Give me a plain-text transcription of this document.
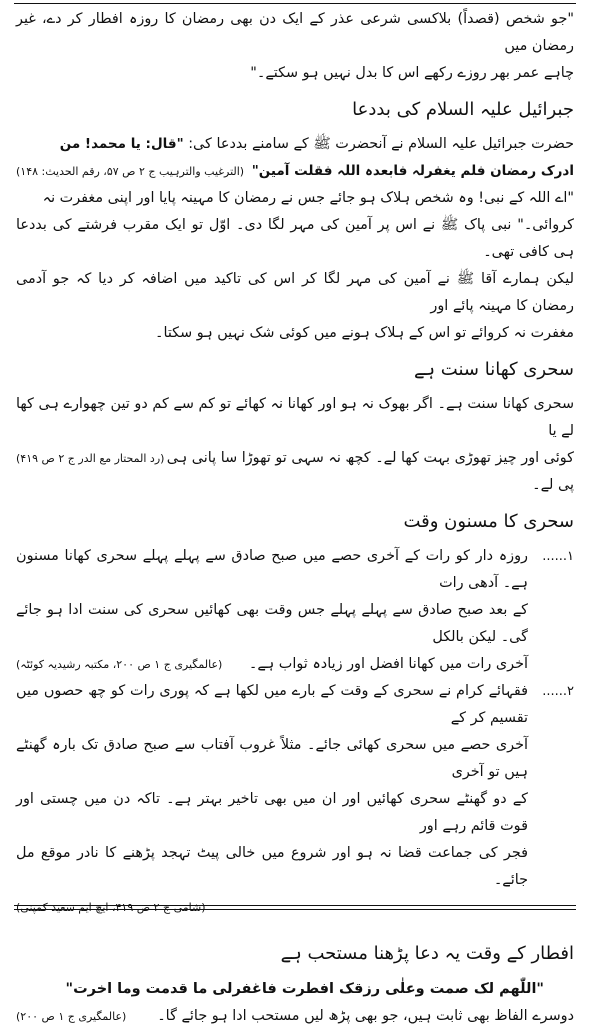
"جو شخص (قصداً) بلاکسی شرعی عذر کے ایک دن بھی رمضان کا روزہ افطار کر دے، غیر رمضان میں
چاہے عمر بھر روزے رکھے اس کا بدل نہیں ہو سکتے۔"
جبرائیل علیہ السلام کی بددعا
حضرت جبرائیل علیہ السلام نے آنحضرت ﷺ کے سامنے بددعا کی: "قال: یا محمد! من
ادرک رمضان فلم یغفرلہ فابعدہ اللہ فقلت آمین"
(الترغیب والترہیب ج ۲ ص ۵۷، رقم الحدیث: ۱۴۸)
"اے اللہ کے نبی! وہ شخص ہلاک ہو جائے جس نے رمضان کا مہینہ پایا اور اپنی مغفرت نہ
کروائی۔" نبی پاک ﷺ نے اس پر آمین کی مہر لگا دی۔ اوّل تو ایک مقرب فرشتے کی بددعا ہی کافی تھی۔
لیکن ہمارے آقا ﷺ نے آمین کی مہر لگا کر اس کی تاکید میں اضافہ کر دیا کہ جو آدمی رمضان کا مہینہ پائے اور
مغفرت نہ کروائے تو اس کے ہلاک ہونے میں کوئی شک نہیں ہو سکتا۔
سحری کھانا سنت ہے
سحری کھانا سنت ہے۔ اگر بھوک نہ ہو اور کھانا نہ کھائے تو کم سے کم دو تین چھوارے ہی کھا لے یا
کوئی اور چیز تھوڑی بہت کھا لے۔ کچھ نہ سہی تو تھوڑا سا پانی ہی پی لے۔
(رد المحتار مع الدر ج ۲ ص ۴۱۹)
سحری کا مسنون وقت
۱......
روزہ دار کو رات کے آخری حصے میں صبح صادق سے پہلے پہلے سحری کھانا مسنون ہے۔ آدھی رات
کے بعد صبح صادق سے پہلے پہلے جس وقت بھی کھائیں سحری کی سنت ادا ہو جائے گی۔ لیکن بالکل
آخری رات میں کھانا افضل اور زیادہ ثواب ہے۔
(عالمگیری ج ۱ ص ۲۰۰، مکتبہ رشیدیہ کوئٹہ)
۲......
فقہائے کرام نے سحری کے وقت کے بارے میں لکھا ہے کہ پوری رات کو چھ حصوں میں تقسیم کر کے
آخری حصے میں سحری کھائی جائے۔ مثلاً غروب آفتاب سے صبح صادق تک بارہ گھنٹے ہیں تو آخری
کے دو گھنٹے سحری کھائیں اور ان میں بھی تاخیر بہتر ہے۔ تاکہ دن میں چستی اور قوت قائم رہے اور
فجر کی جماعت قضا نہ ہو اور شروع میں خالی پیٹ تہجد پڑھنے کا نادر موقع مل جائے۔
(شامی ج ۲ ص ۴۱۹، ایچ ایم سعید کمپنی)
افطار کے وقت یہ دعا پڑھنا مستحب ہے
"اللّٰھم لک صمت وعلٰی رزقک افطرت فاغفرلی ما قدمت وما اخرت"
دوسرے الفاظ بھی ثابت ہیں، جو بھی پڑھ لیں مستحب ادا ہو جائے گا۔
(عالمگیری ج ۱ ص ۲۰۰)
